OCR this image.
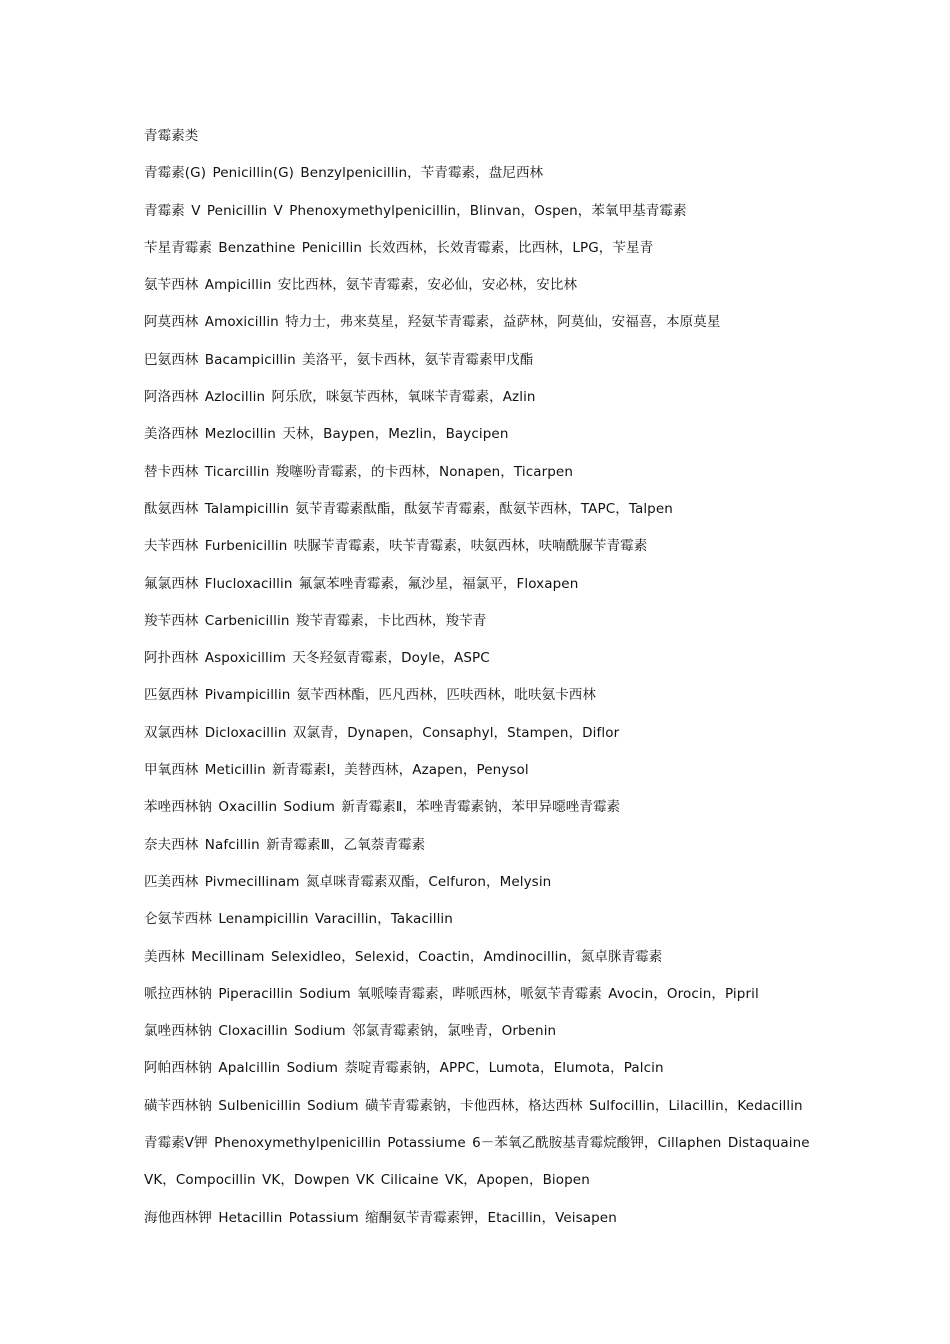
青霉素类
青霉素(G) Penicillin(G) Benzylpenicillin，苄青霉素，盘尼西林
青霉素 V Penicillin V Phenoxymethylpenicillin，Blinvan，Ospen，苯氧甲基青霉素
苄星青霉素 Benzathine Penicillin 长效西林，长效青霉素，比西林，LPG，苄星青
氨苄西林 Ampicillin 安比西林，氨苄青霉素，安必仙，安必林，安比林
阿莫西林 Amoxicillin 特力士，弗来莫星，羟氨苄青霉素，益萨林，阿莫仙，安福喜，本原莫星
巴氨西林 Bacampicillin 美洛平，氨卡西林，氨苄青霉素甲戊酯
阿洛西林 Azlocillin 阿乐欣，咪氨苄西林，氧咪苄青霉素，Azlin
美洛西林 Mezlocillin 天林，Baypen，Mezlin，Baycipen
替卡西林 Ticarcillin 羧噻吩青霉素，的卡西林，Nonapen，Ticarpen
酞氨西林 Talampicillin 氨苄青霉素酞酯，酞氨苄青霉素，酞氨苄西林，TAPC，Talpen
夫苄西林 Furbenicillin 呋脲苄青霉素，呋苄青霉素，呋氨西林，呋喃酰脲苄青霉素
氟氯西林 Flucloxacillin 氟氯苯唑青霉素，氟沙星，福氯平，Floxapen
羧苄西林 Carbenicillin 羧苄青霉素，卡比西林，羧苄青
阿扑西林 Aspoxicillim 天冬羟氨青霉素，Doyle，ASPC
匹氨西林 Pivampicillin 氨苄西林酯，匹凡西林，匹呋西林，吡呋氨卡西林
双氯西林 Dicloxacillin 双氯青，Dynapen，Consaphyl，Stampen，Diflor
甲氧西林 Meticillin 新青霉素Ⅰ，美替西林，Azapen，Penysol
苯唑西林钠 Oxacillin Sodium 新青霉素Ⅱ，苯唑青霉素钠，苯甲异噁唑青霉素
奈夫西林 Nafcillin 新青霉素Ⅲ，乙氧萘青霉素
匹美西林 Pivmecillinam 氮卓咪青霉素双酯，Celfuron，Melysin
仑氨苄西林 Lenampicillin Varacillin，Takacillin
美西林 Mecillinam Selexidleo，Selexid，Coactin，Amdinocillin，氮卓脒青霉素
哌拉西林钠 Piperacillin Sodium 氧哌嗪青霉素，哔哌西林，哌氨苄青霉素 Avocin，Orocin，Pipril
氯唑西林钠 Cloxacillin Sodium 邻氯青霉素钠，氯唑青，Orbenin
阿帕西林钠 Apalcillin Sodium 萘啶青霉素钠，APPC，Lumota，Elumota，Palcin
磺苄西林钠 Sulbenicillin Sodium 磺苄青霉素钠，卡他西林，格达西林 Sulfocillin，Lilacillin，Kedacillin
青霉素Ⅴ钾 Phenoxymethylpenicillin Potassiume 6－苯氧乙酰胺基青霉烷酸钾，Cillaphen Distaquaine
VK，Compocillin VK，Dowpen VK Cilicaine VK，Apopen，Biopen
海他西林钾 Hetacillin Potassium 缩酮氨苄青霉素钾，Etacillin，Veisapen
